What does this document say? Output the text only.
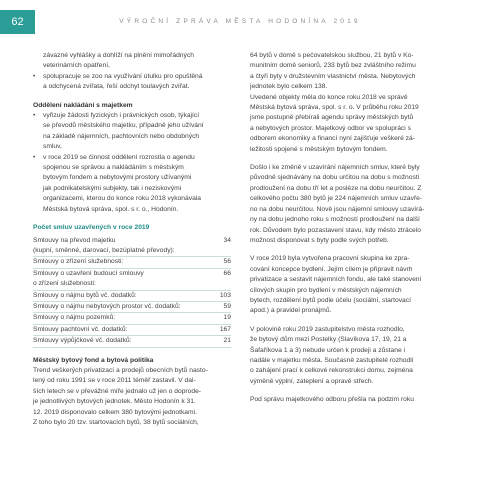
62	VÝROČNÍ ZPRÁVA MĚSTA HODONÍNA 2019

závazné vyhlášky a dohlíží na plnění mimořádných
veterinárních opatření,

• spolupracuje se zoo na využívání útulku pro opuštěná
a odchycená zvířata, řeší odchyt toulavých zvířat.

Oddělení nakládání s majetkem

• vyřizuje žádosti fyzických i právnických osob, týkající
se převodů městského majetku, případně jeho užívání
na základě nájemních, pachtovních nebo obdobných
smluv,

• v roce 2019 se činnost oddělení rozrostla o agendu
spojenou se správou a nakládáním s městským
bytovým fondem a nebytovými prostory užívanými
jak podnikatelskými subjekty, tak i neziskovými
organizacemi, kterou do konce roku 2018 vykonávala
Městská bytová správa, spol. s r. o., Hodonín.

Počet smluv uzavřených v roce 2019

Smlouvy na převod majetku	34
(kupní, směnné, darovací, bezúplatné převody):
Smlouvy o zřízení služebnosti:	56
Smlouvy o uzavření budoucí smlouvy	66
o zřízení služebnosti:
Smlouvy o nájmu bytů vč. dodatků:	103
Smlouvy o nájmu nebytových prostor vč. dodatků:	59
Smlouvy o nájmu pozemků:	19
Smlouvy pachtovní vč. dodatků:	167
Smlouvy výpůjčkové vč. dodatků:	21

Městský bytový fond a bytová politika

Trend veškerých privatizací a prodejů obecních bytů nasto-
lený od roku 1991 se v roce 2011 téměř zastavil. V dal-
ších letech se v převážné míře jednalo už jen o doprode-
je jednotlivých bytových jednotek. Město Hodonín k 31.
12. 2019 disponovalo celkem 380 bytovými jednotkami.
Z toho bylo 20 tzv. startovacích bytů, 38 bytů sociálních,

64 bytů v domě s pečovatelskou službou, 21 bytů v Ko-
munitním domě seniorů, 233 bytů bez zvláštního režimu
a čtyři byty v družstevním vlastnictví města. Nebytových
jednotek bylo celkem 138.
Uvedené objekty měla do konce roku 2018 ve správě
Městská bytová správa, spol. s r. o. V průběhu roku 2019
jsme postupně přebírali agendu správy městských bytů
a nebytových prostor. Majetkový odbor ve spolupráci s
odborem ekonomiky a financí nyní zajišťuje veškeré zá-
ležitosti spojené s městským bytovým fondem.

Došlo i ke změně v uzavírání nájemních smluv, které byly
původně sjednávány na dobu určitou na dobu s možností
prodloužení na dobu tří let a posléze na dobu neurčitou. Z
celkového počtu 380 bytů je 224 nájemních smluv uzavře-
no na dobu neurčitou. Nově jsou nájemní smlouvy uzavírá-
ny na dobu jednoho roku s možností prodloužení na další
rok. Důvodem bylo pozastavení stavu, kdy město ztrácelo
možnost disponovat s byty podle svých potřeb.

V roce 2019 byla vytvořena pracovní skupina ke zpra-
cování koncepce bydlení. Jejím cílem je připravit návrh
privatizace a sestavit nájemních fondu, ale také stanovení
cílových skupin pro bydlení v městských nájemních
bytech, rozdělení bytů podle účelu (sociální, startovací
apod.) a pravidel pronájmů.

V polovině roku 2019 zastupitelstvo města rozhodlo,
že bytový dům mezi Postelky (Slavíkova 17, 19, 21 a
Šafaříkova 1 a 3) nebude určen k prodeji a zůstane i
nadále v majetku města. Současně zastupitelé rozhodli
o zahájení prací k celkové rekonstrukci domu, zejména
výměně výplní, zateplení a opravě střech.

Pod správu majetkového odboru přešla na podzim roku
